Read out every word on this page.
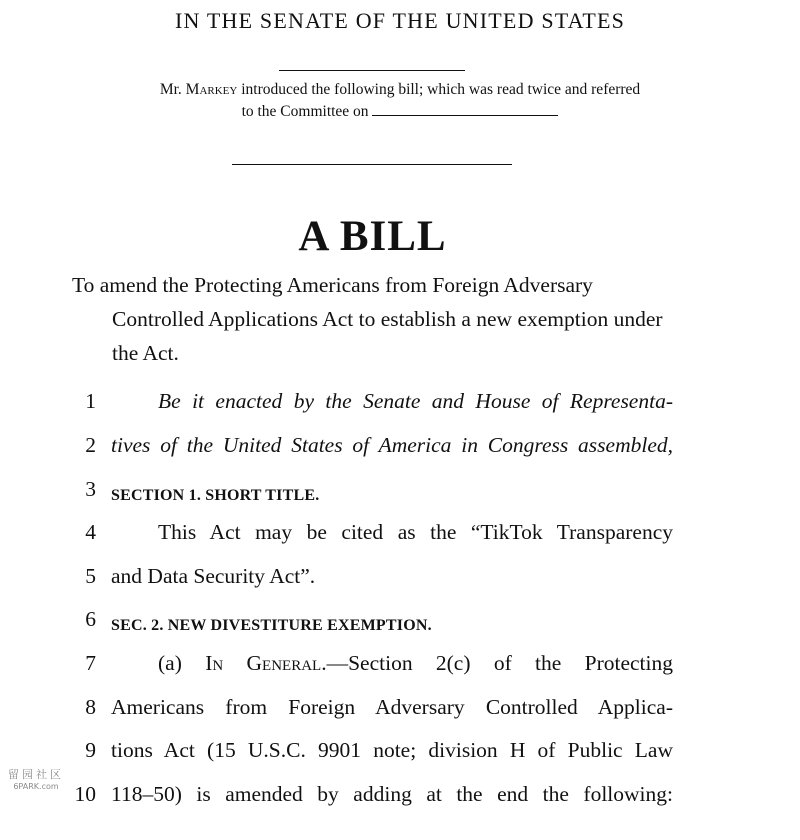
IN THE SENATE OF THE UNITED STATES
Mr. Markey introduced the following bill; which was read twice and referred
to the Committee on
A BILL
To amend the Protecting Americans from Foreign Adversary
Controlled Applications Act to establish a new exemption under the Act.
1	Be it enacted by the Senate and House of Representa-
2 tives of the United States of America in Congress assembled,
3 SECTION 1. SHORT TITLE.
4	This Act may be cited as the “TikTok Transparency
5 and Data Security Act”.
6 SEC. 2. NEW DIVESTITURE EXEMPTION.
7	(a) In General.—Section 2(c) of the Protecting
8 Americans from Foreign Adversary Controlled Applica-
9 tions Act (15 U.S.C. 9901 note; division H of Public Law
10 118–50) is amended by adding at the end the following:
留园社区
6PARK.com
